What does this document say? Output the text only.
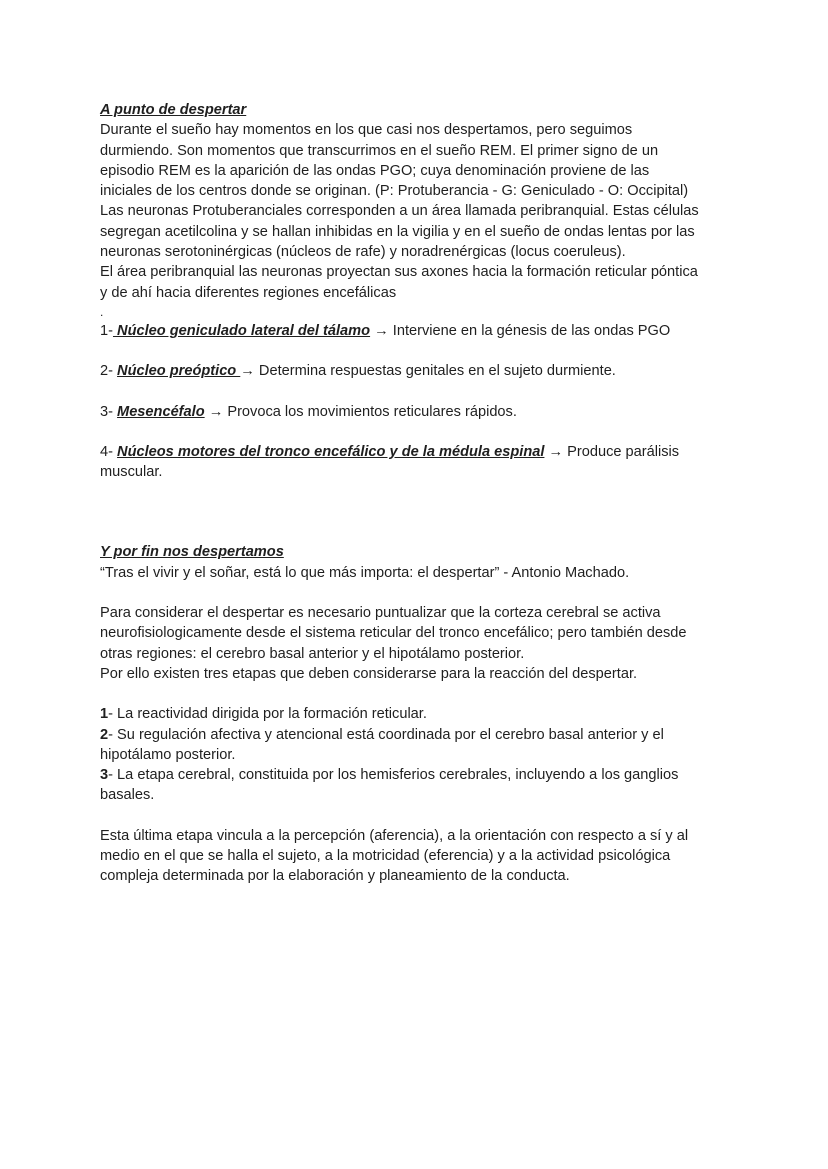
A punto de despertar
Durante el sueño hay momentos en los que casi nos despertamos, pero seguimos
durmiendo. Son momentos que transcurrimos en el sueño REM. El primer signo de un
episodio REM es la aparición de las ondas PGO; cuya denominación proviene de las
iniciales de los centros donde se originan. (P: Protuberancia - G: Geniculado - O: Occipital)
Las neuronas Protuberanciales corresponden a un área llamada peribranquial. Estas células
segregan acetilcolina y se hallan inhibidas en la vigilia y en el sueño de ondas lentas por las
neuronas serotoninérgicas (núcleos de rafe) y noradrenérgicas (locus coeruleus).
El área peribranquial las neuronas proyectan sus axones hacia la formación reticular póntica
y de ahí hacia diferentes regiones encefálicas
.
1- Núcleo geniculado lateral del tálamo → Interviene en la génesis de las ondas PGO
2- Núcleo preóptico → Determina respuestas genitales en el sujeto durmiente.
3- Mesencéfalo → Provoca los movimientos reticulares rápidos.
4- Núcleos motores del tronco encefálico y de la médula espinal → Produce parálisis
muscular.
Y por fin nos despertamos
“Tras el vivir y el soñar, está lo que más importa: el despertar” - Antonio Machado.
Para considerar el despertar es necesario puntualizar que la corteza cerebral se activa
neurofisiologicamente desde el sistema reticular del tronco encefálico; pero también desde
otras regiones: el cerebro basal anterior y el hipotálamo posterior.
Por ello existen tres etapas que deben considerarse para la reacción del despertar.
1- La reactividad dirigida por la formación reticular.
2- Su regulación afectiva y atencional está coordinada por el cerebro basal anterior y el
hipotálamo posterior.
3- La etapa cerebral, constituida por los hemisferios cerebrales, incluyendo a los ganglios
basales.
Esta última etapa vincula a la percepción (aferencia), a la orientación con respecto a sí y al
medio en el que se halla el sujeto, a la motricidad (eferencia) y a la actividad psicológica
compleja determinada por la elaboración y planeamiento de la conducta.
